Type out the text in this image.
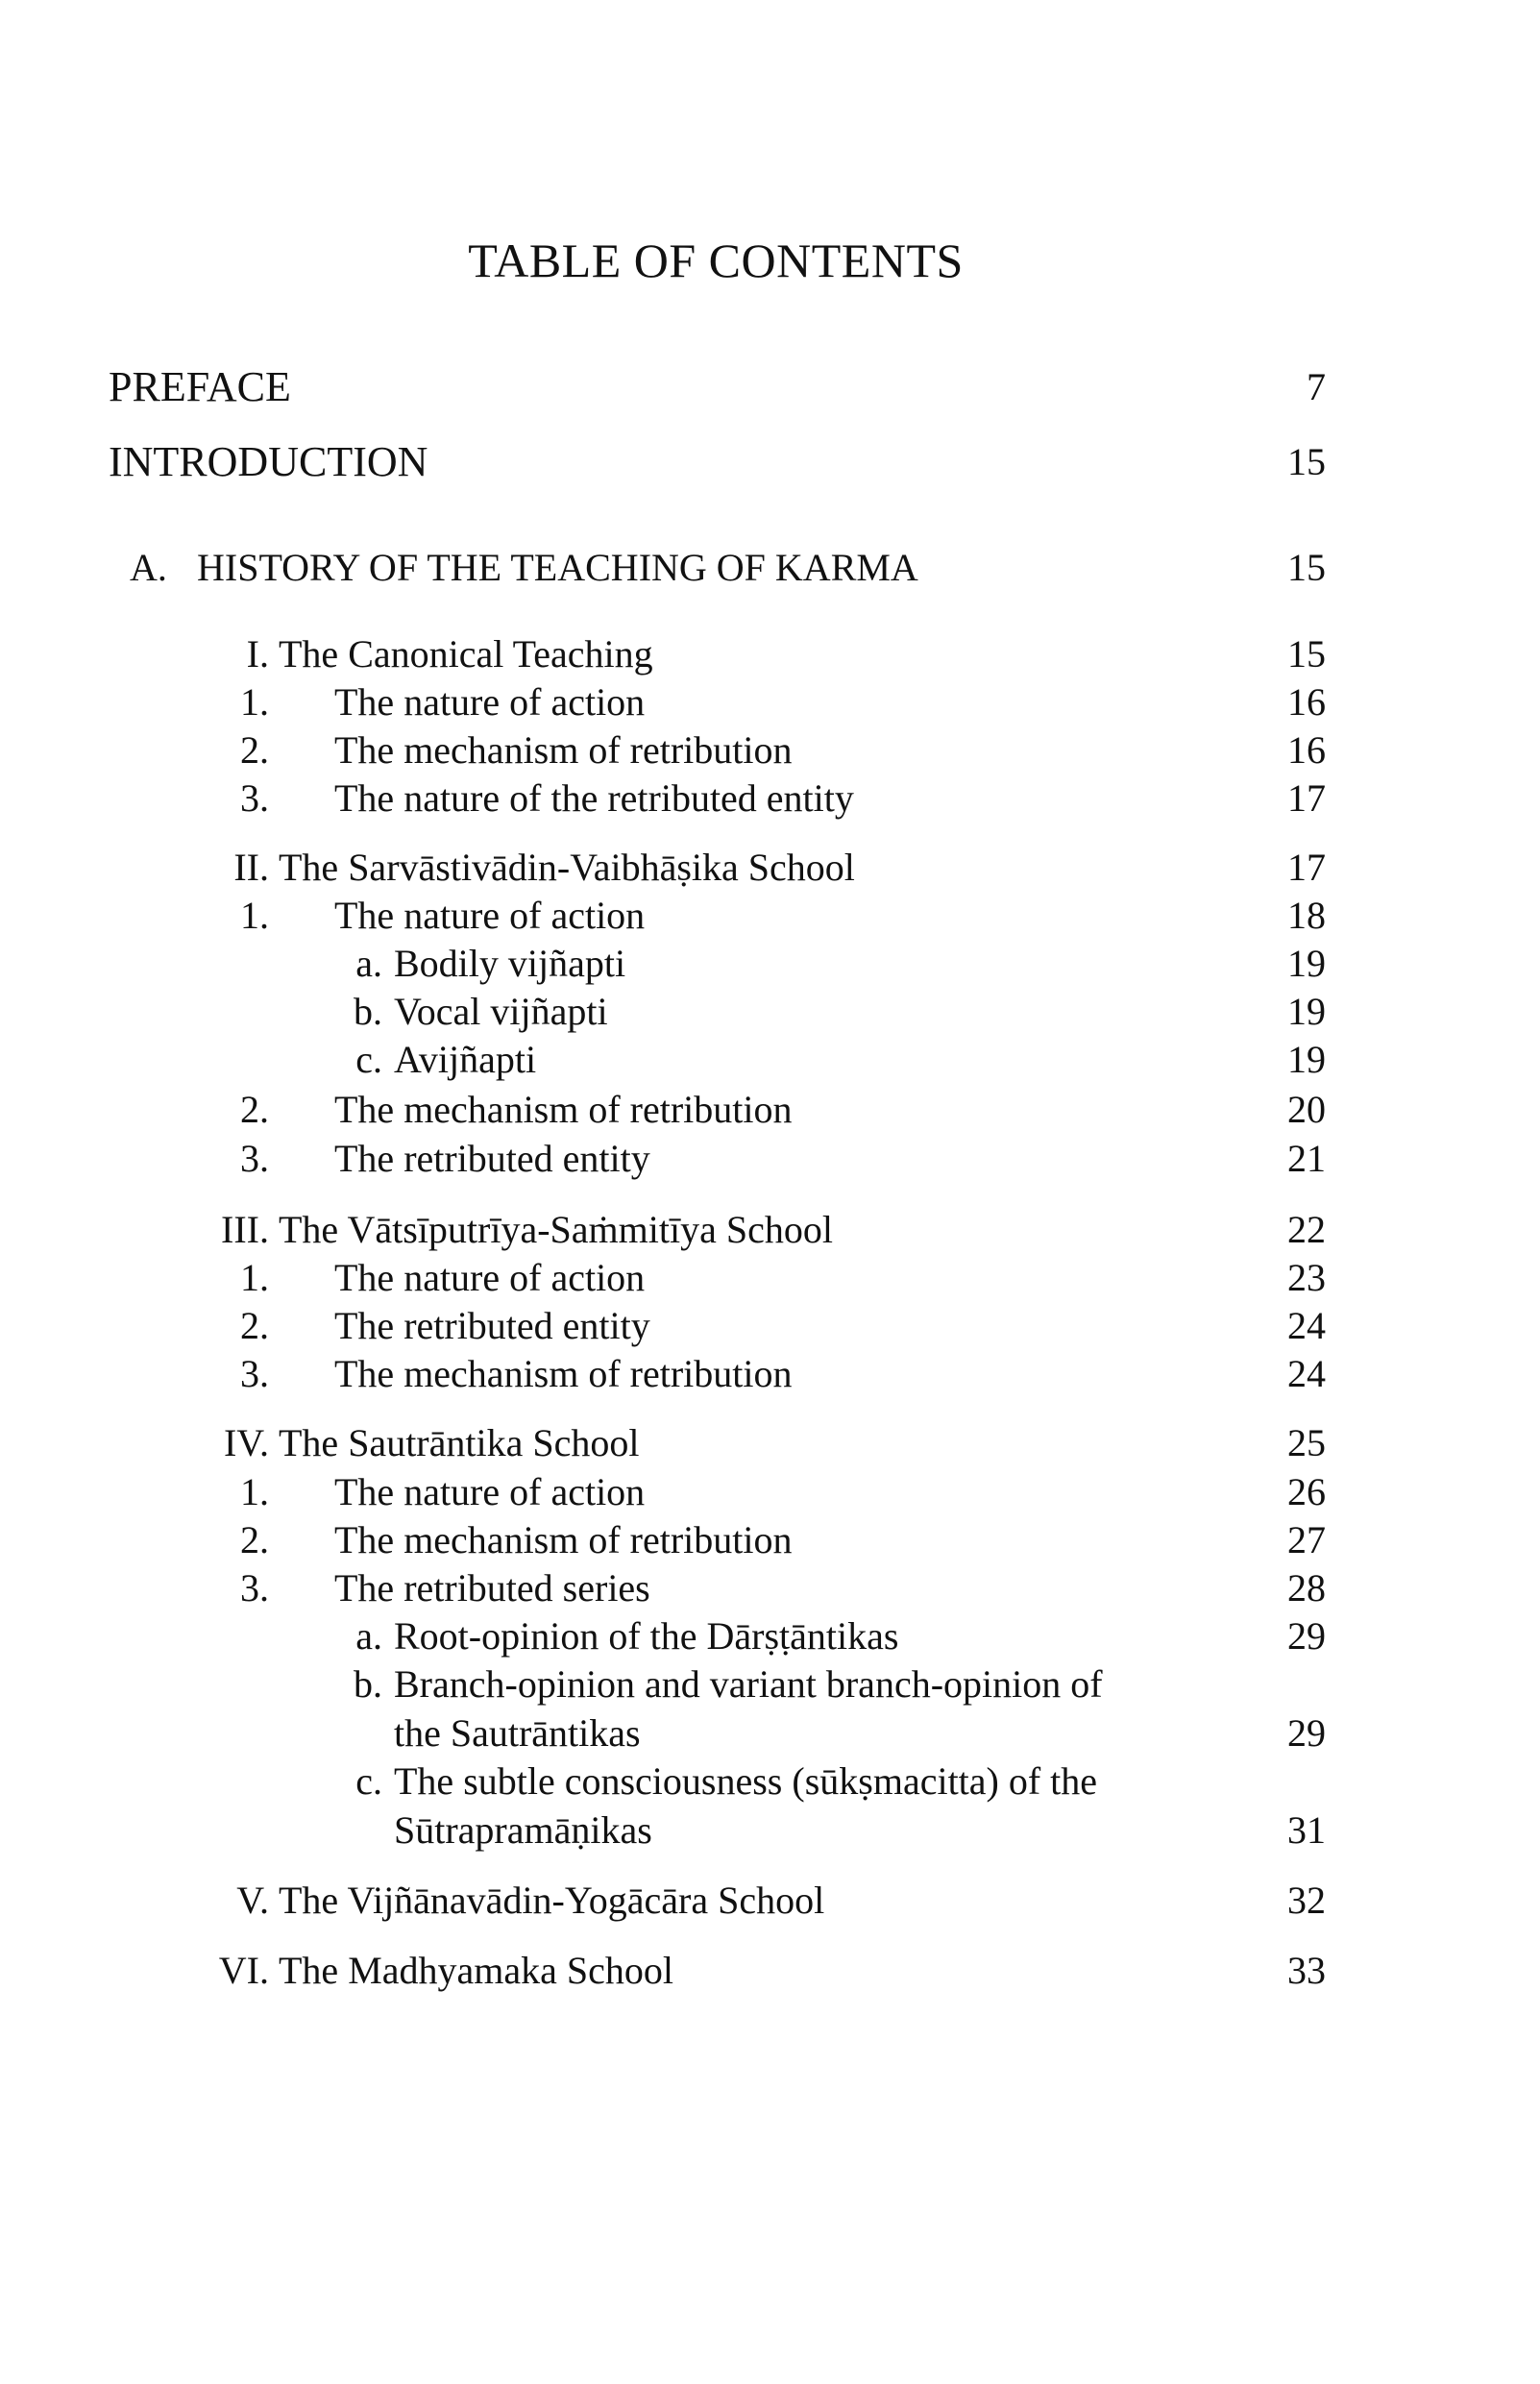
TABLE OF CONTENTS
PREFACE	7
INTRODUCTION	15
A. HISTORY OF THE TEACHING OF KARMA	15
I. The Canonical Teaching	15
1. The nature of action	16
2. The mechanism of retribution	16
3. The nature of the retributed entity	17
II. The Sarvāstivādin-Vaibhāṣika School	17
1. The nature of action	18
a. Bodily vijñapti	19
b. Vocal vijñapti	19
c. Avijñapti	19
2. The mechanism of retribution	20
3. The retributed entity	21
III. The Vātsīputrīya-Saṁmitīya School	22
1. The nature of action	23
2. The retributed entity	24
3. The mechanism of retribution	24
IV. The Sautrāntika School	25
1. The nature of action	26
2. The mechanism of retribution	27
3. The retributed series	28
a. Root-opinion of the Dārṣṭāntikas	29
b. Branch-opinion and variant branch-opinion of
the Sautrāntikas	29
c. The subtle consciousness (sūkṣmacitta) of the
Sūtrapramāṇikas	31
V. The Vijñānavādin-Yogācāra School	32
VI. The Madhyamaka School	33
